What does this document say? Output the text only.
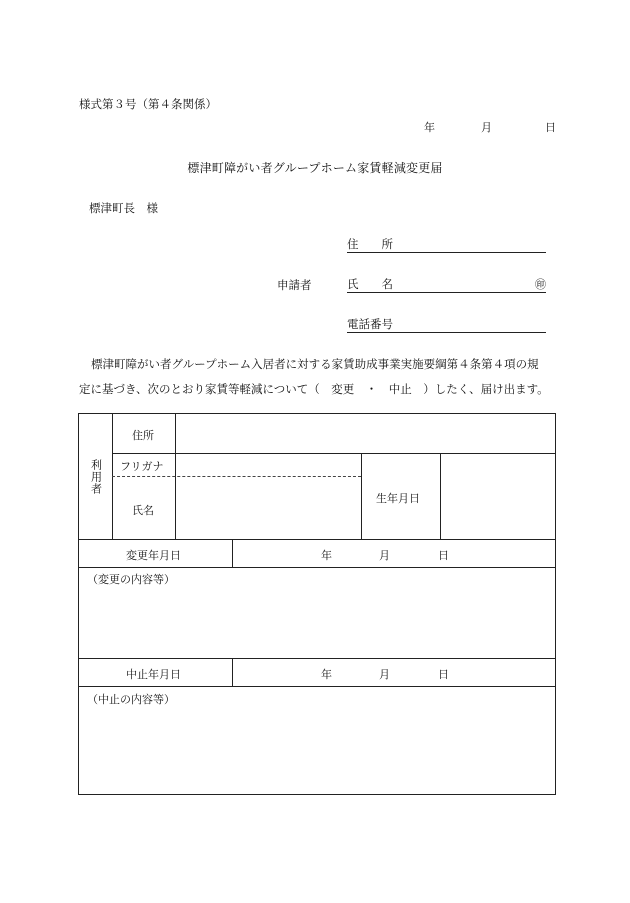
様式第３号（第４条関係）
年	月	日
標津町障がい者グループホーム家賃軽減変更届
標津町長　様
申請者
住　　所
氏　　名	㊞
電話番号
標津町障がい者グループホーム入居者に対する家賃助成事業実施要綱第４条第４項の規
定に基づき、次のとおり家賃等軽減について（　変更　・　中止　）したく、届け出ます。
利用者
住所
フリガナ
氏名
生年月日
変更年月日	年	月	日
（変更の内容等）
中止年月日	年	月	日
（中止の内容等）
